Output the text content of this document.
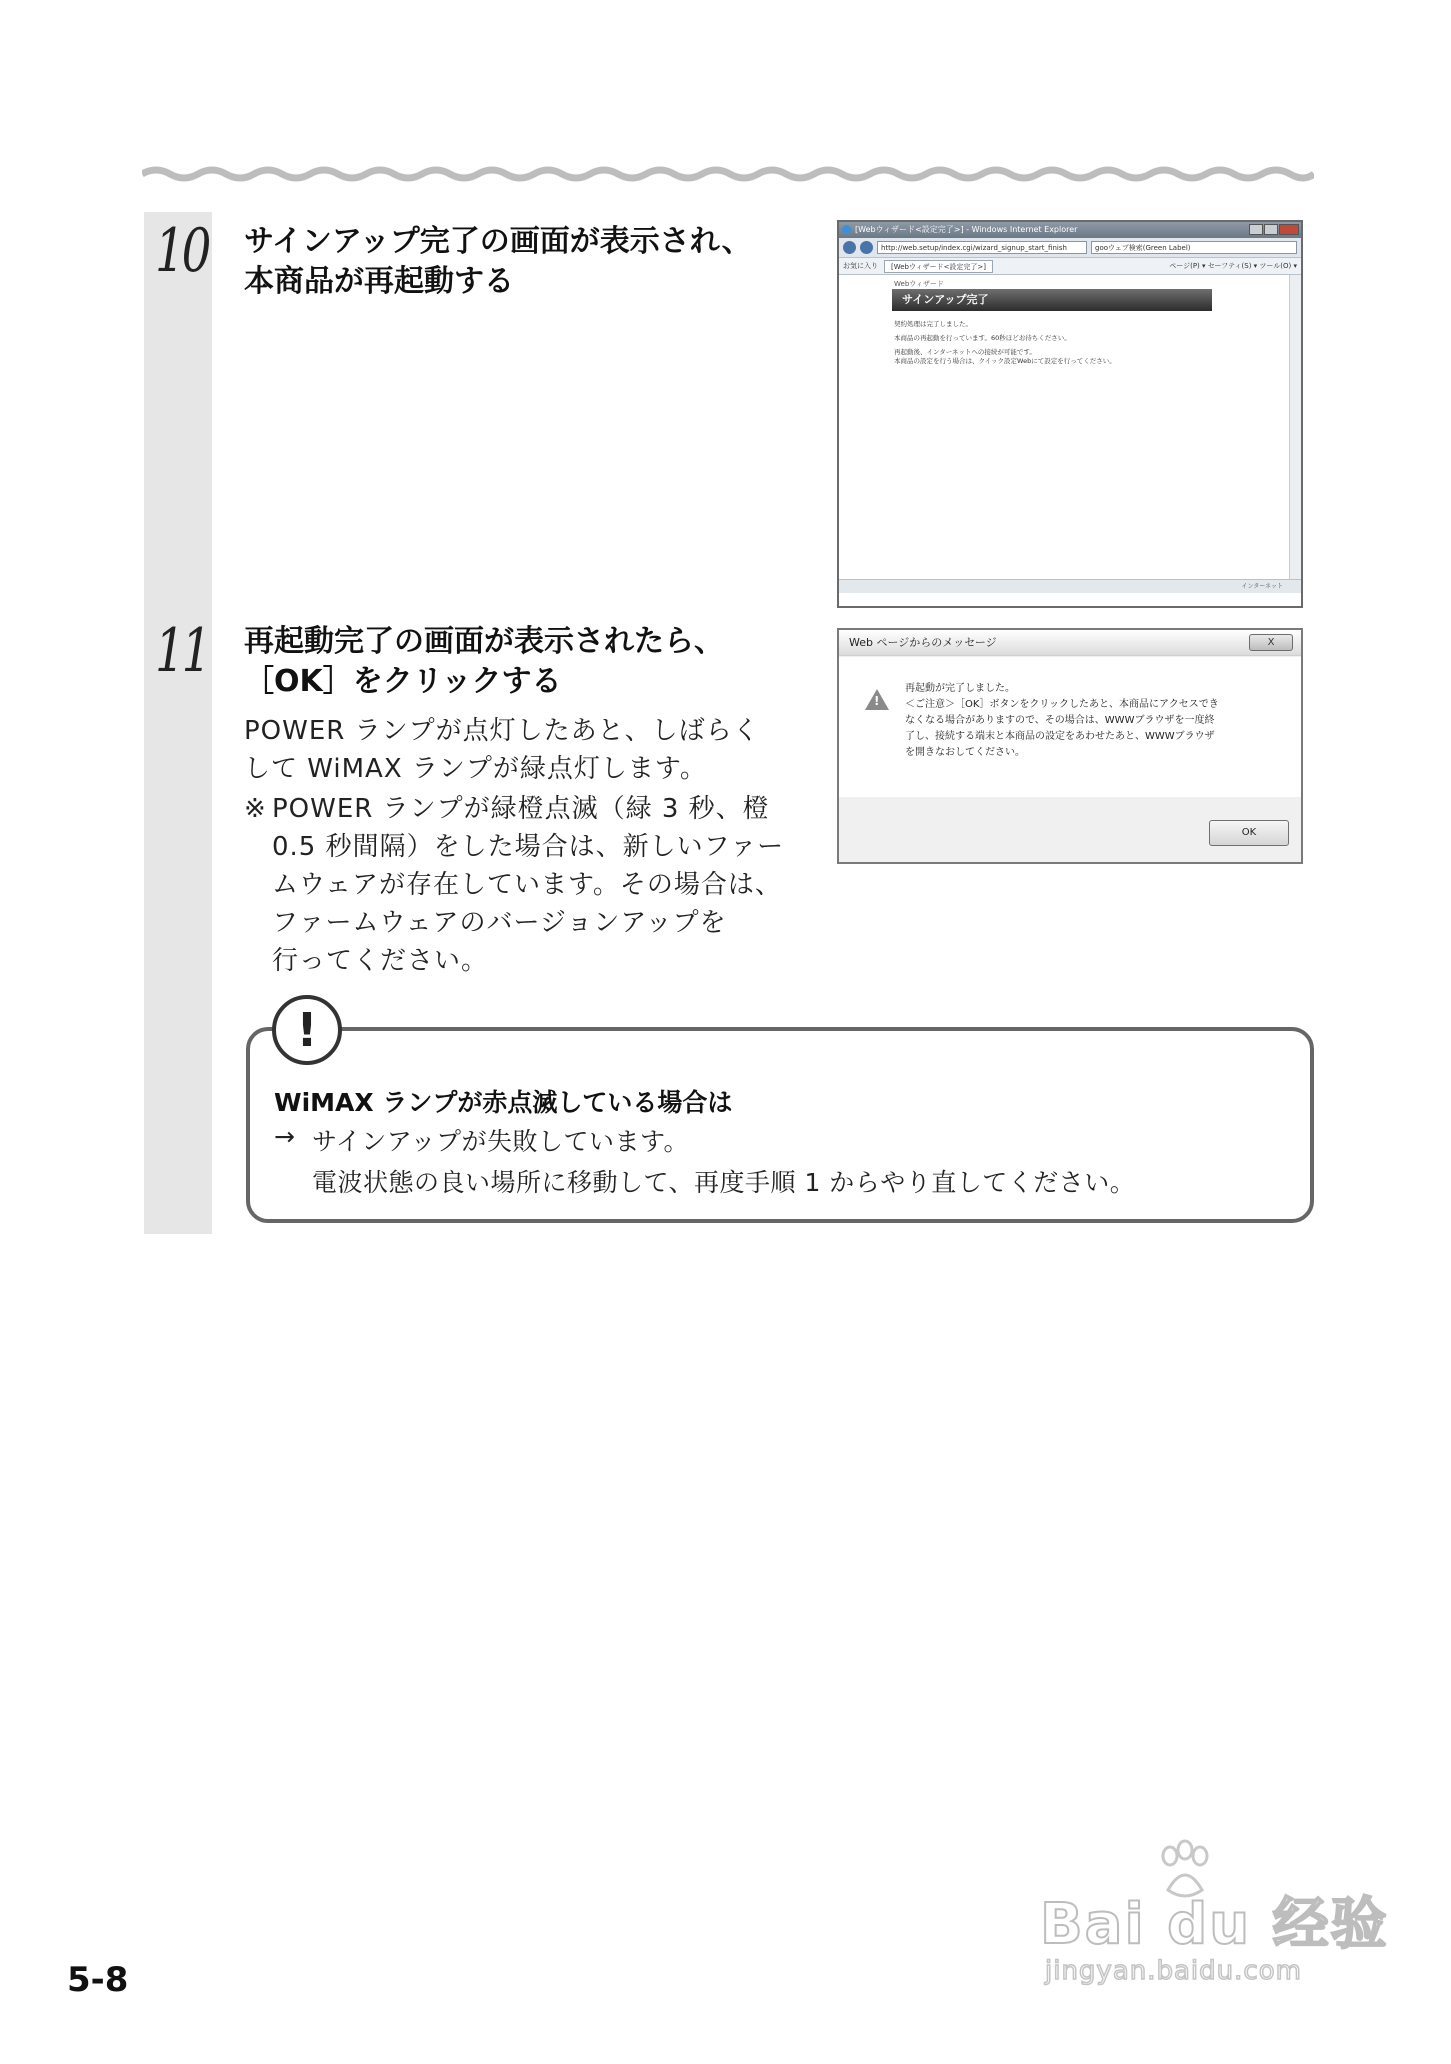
10 サインアップ完了の画面が表示され、
本商品が再起動する
[Webウィザード<設定完了>] - Windows Internet Explorer
http://web.setup/index.cgi/wizard_signup_start_finish	gooウェブ検索(Green Label)
お気に入り	[Webウィザード<設定完了>]	ページ(P) ▾ セーフティ(S) ▾ ツール(O) ▾
Webウィザード
サインアップ完了
契約処理は完了しました。
本商品の再起動を行っています。60秒ほどお待ちください。
再起動後、インターネットへの接続が可能です。
本商品の設定を行う場合は、クイック設定Webにて設定を行ってください。
インターネット
11 再起動完了の画面が表示されたら、
［OK］をクリックする
POWER ランプが点灯したあと、しばらく
して WiMAX ランプが緑点灯します。
※ POWER ランプが緑橙点滅（緑 3 秒、橙
0.5 秒間隔）をした場合は、新しいファー
ムウェアが存在しています。その場合は、
ファームウェアのバージョンアップを
行ってください。
Web ページからのメッセージ	X
!
再起動が完了しました。
＜ご注意＞［OK］ボタンをクリックしたあと、本商品にアクセスでき
なくなる場合がありますので、その場合は、WWWブラウザを一度終
了し、接続する端末と本商品の設定をあわせたあと、WWWブラウザ
を開きなおしてください。
OK
!
WiMAX ランプが赤点滅している場合は
→ サインアップが失敗しています。
電波状態の良い場所に移動して、再度手順 1 からやり直してください。
5-8
Bai du 经验
jingyan.baidu.com
